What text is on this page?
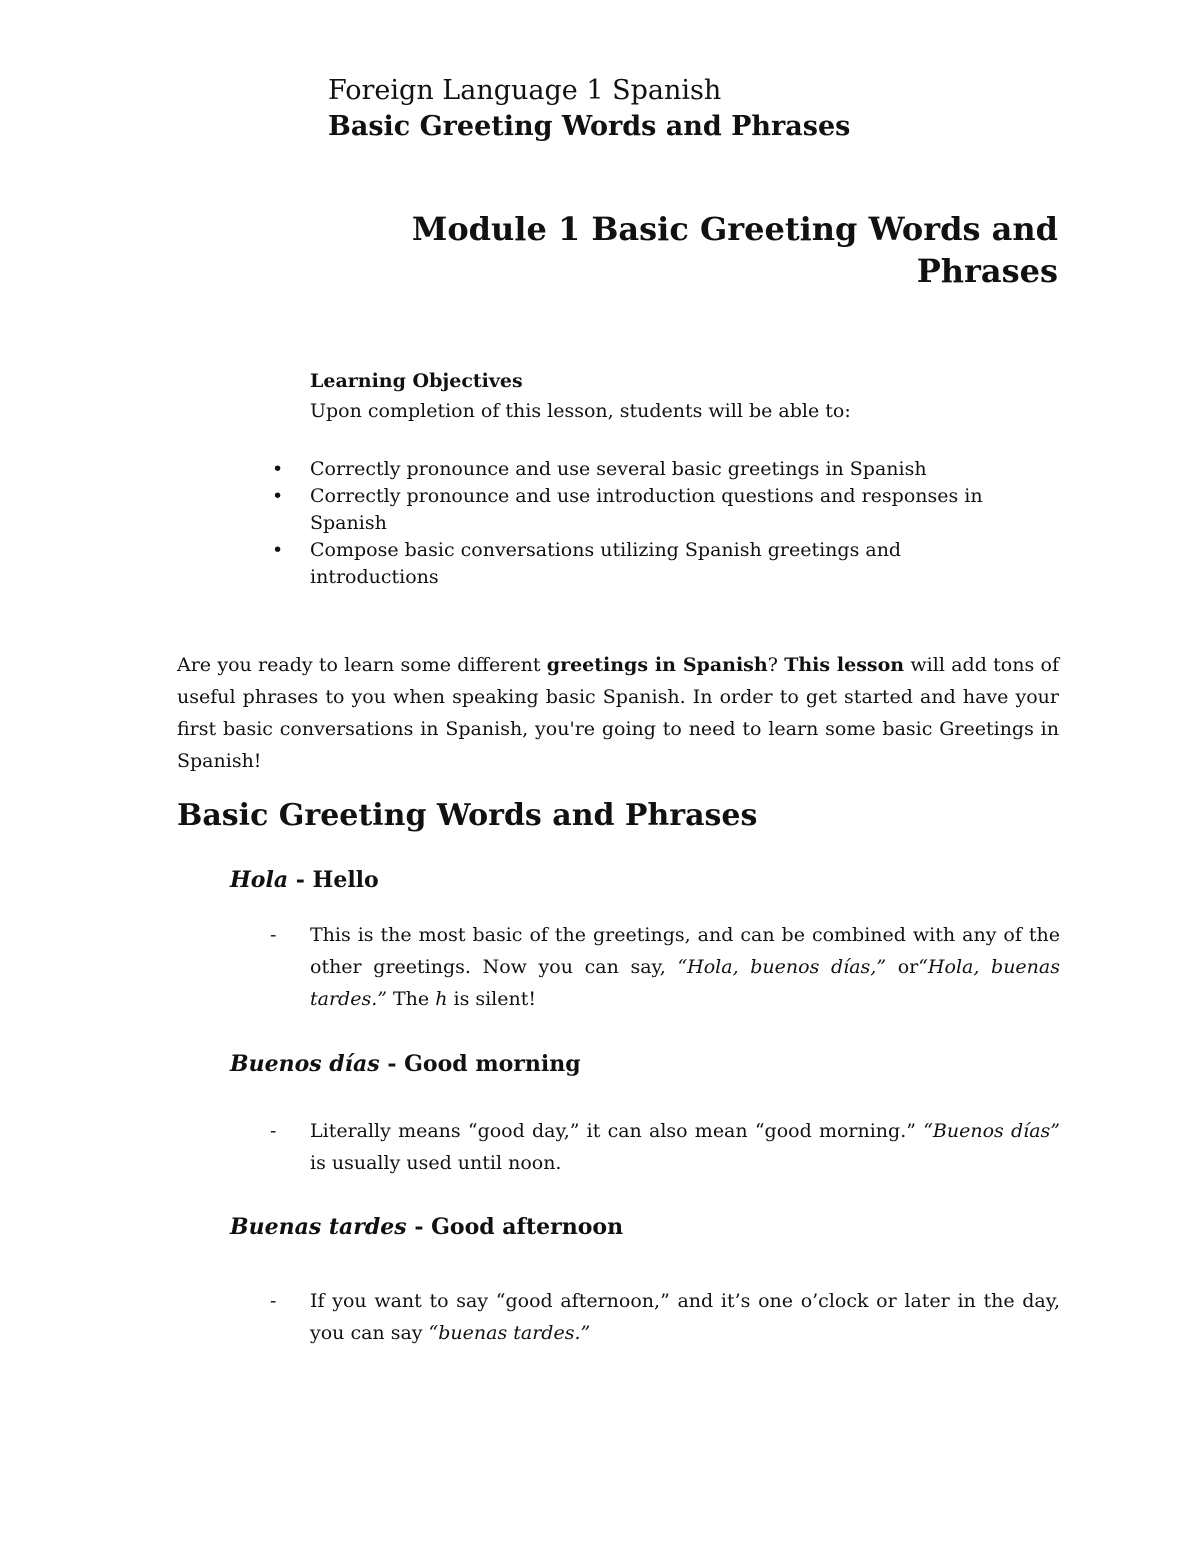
Foreign Language 1 Spanish

Basic Greeting Words and Phrases

Module 1 Basic Greeting Words and Phrases

Learning Objectives

Upon completion of this lesson, students will be able to:

• Correctly pronounce and use several basic greetings in Spanish
• Correctly pronounce and use introduction questions and responses in Spanish
• Compose basic conversations utilizing Spanish greetings and introductions

Are you ready to learn some different greetings in Spanish? This lesson will add tons of useful phrases to you when speaking basic Spanish. In order to get started and have your first basic conversations in Spanish, you're going to need to learn some basic Greetings in Spanish!

Basic Greeting Words and Phrases

Hola - Hello

- This is the most basic of the greetings, and can be combined with any of the other greetings. Now you can say, “Hola, buenos días,” or“Hola, buenas tardes.” The h is silent!

Buenos días - Good morning

- Literally means “good day,” it can also mean “good morning.” “Buenos días” is usually used until noon.

Buenas tardes - Good afternoon

- If you want to say “good afternoon,” and it’s one o’clock or later in the day, you can say “buenas tardes.”
